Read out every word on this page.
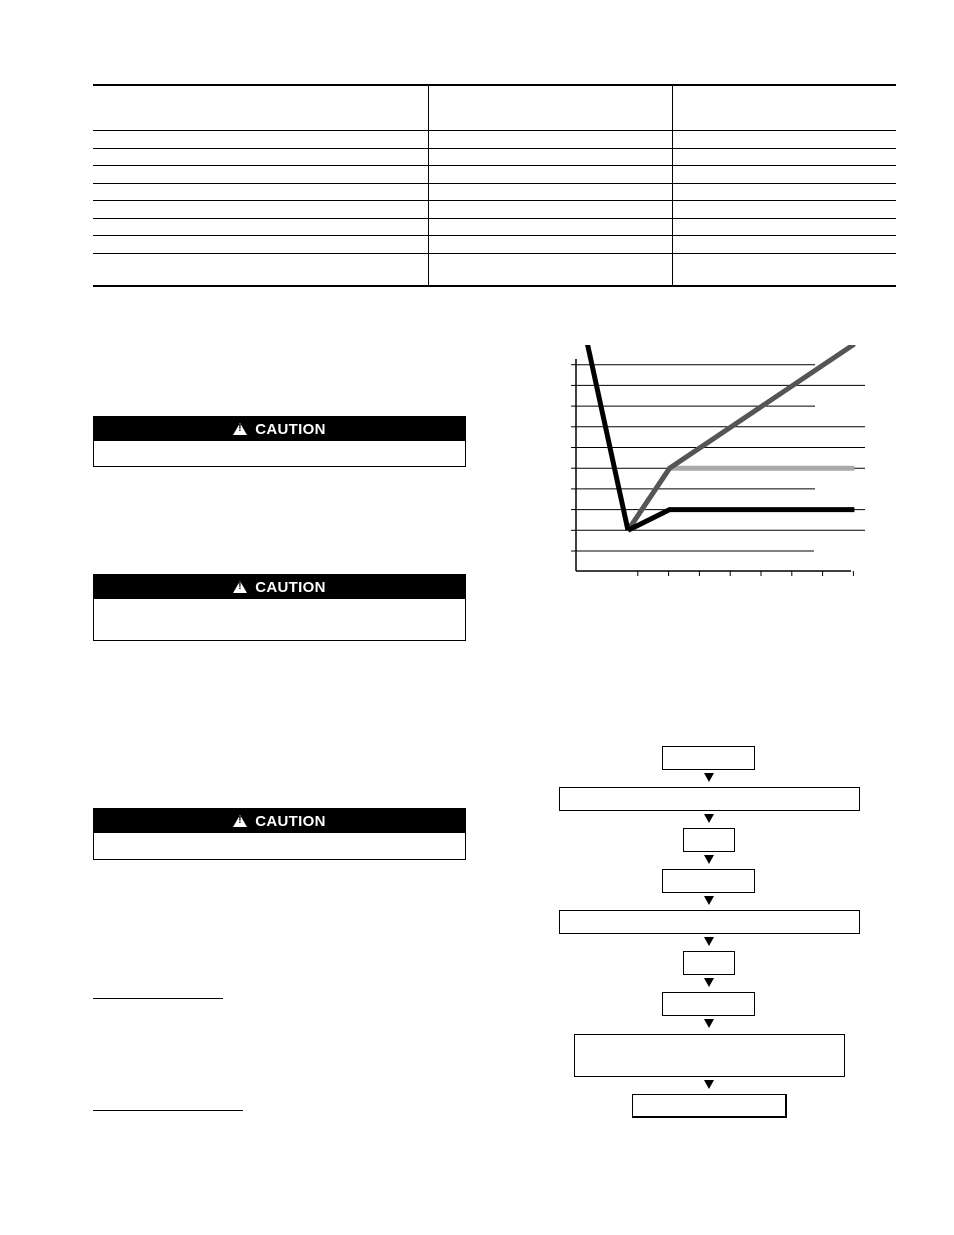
!
CAUTION
!
CAUTION
!
CAUTION
